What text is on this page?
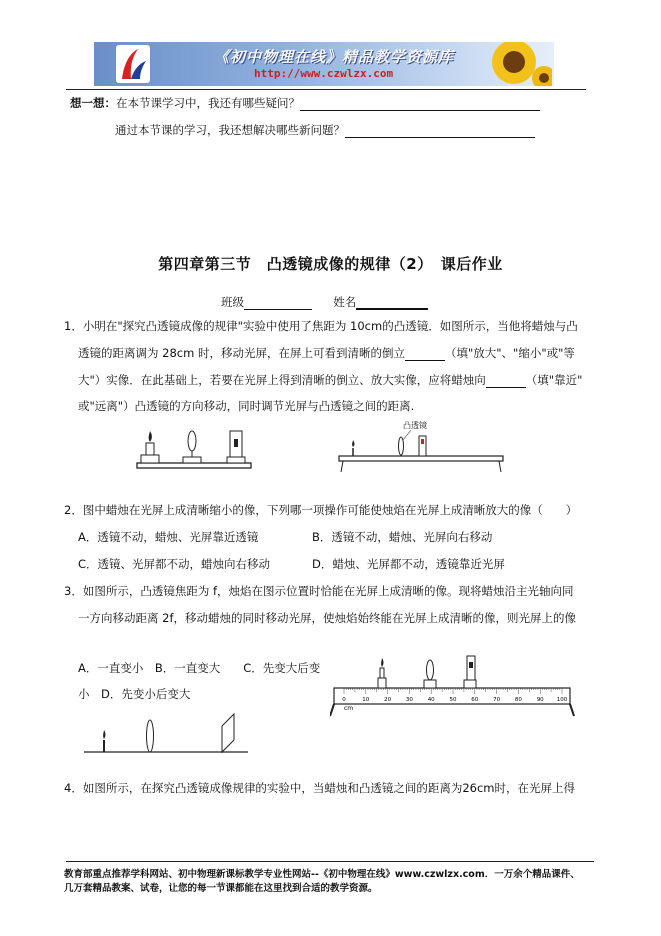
《初中物理在线》精品教学资源库
http://www.czwlzx.com
想一想：在本节课学习中，我还有哪些疑问？
通过本节课的学习，我还想解决哪些新问题？
第四章第三节　凸透镜成像的规律（2）　课后作业
班级	姓名
1．小明在"探究凸透镜成像的规律"实验中使用了焦距为 10cm的凸透镜．如图所示，当他将蜡烛与凸
透镜的距离调为 28cm 时，移动光屏，在屏上可看到清晰的倒立	（填"放大"、"缩小"或"等
大"）实像．在此基础上，若要在光屏上得到清晰的倒立、放大实像，应将蜡烛向	（填"靠近"
或"远离"）凸透镜的方向移动，同时调节光屏与凸透镜之间的距离.
凸透镜
2．图中蜡烛在光屏上成清晰缩小的像，下列哪一项操作可能使烛焰在光屏上成清晰放大的像（　　）
A．透镜不动，蜡烛、光屏靠近透镜	B．透镜不动，蜡烛、光屏向右移动
C．透镜、光屏都不动，蜡烛向右移动	D．蜡烛、光屏都不动，透镜靠近光屏
3．如图所示，凸透镜焦距为 f，烛焰在图示位置时恰能在光屏上成清晰的像。现将蜡烛沿主光轴向同
一方向移动距离 2f，移动蜡烛的同时移动光屏，使烛焰始终能在光屏上成清晰的像，则光屏上的像
A．一直变小　B．一直变大　　C．先变大后变
小　D．先变小后变大	0	10	20	30	40	50	60	70	80	90 100
cm
4．如图所示，在探究凸透镜成像规律的实验中，当蜡烛和凸透镜之间的距离为26cm时，在光屏上得
教育部重点推荐学科网站、初中物理新课标教学专业性网站--《初中物理在线》www.czwlzx.com．一万余个精品课件、
几万套精品教案、试卷，让您的每一节课都能在这里找到合适的教学资源。
